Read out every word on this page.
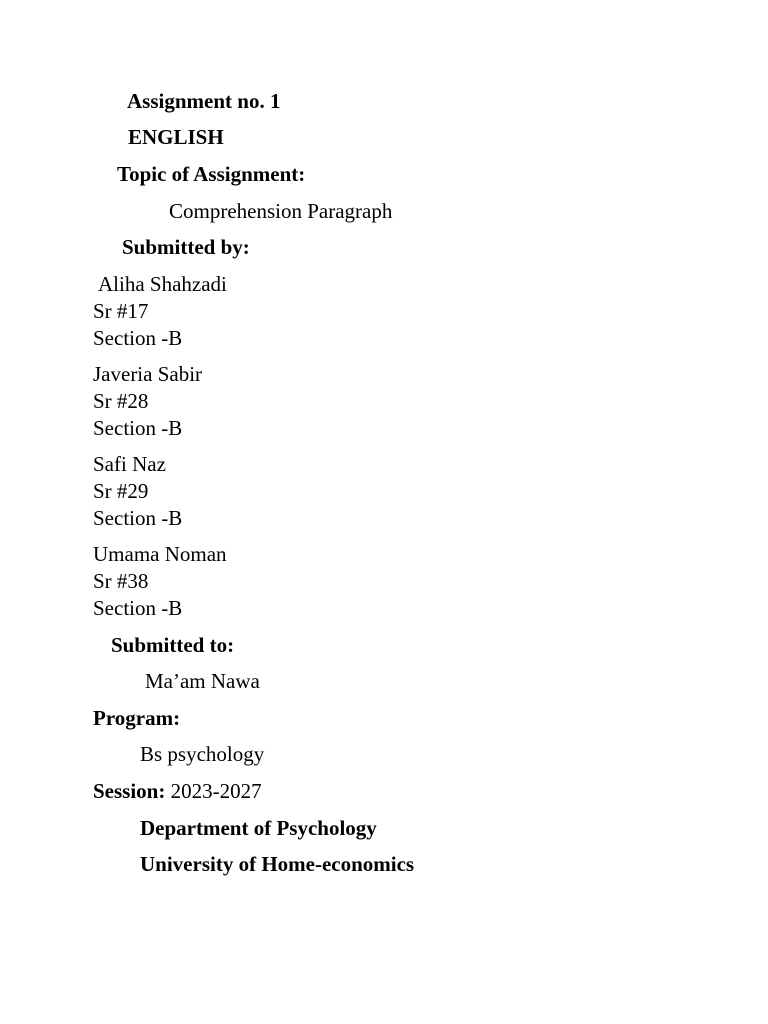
Assignment no. 1
ENGLISH
Topic of Assignment:
Comprehension Paragraph
Submitted by:
Aliha Shahzadi
Sr #17
Section -B
Javeria Sabir
Sr #28
Section -B
Safi Naz
Sr #29
Section -B
Umama Noman
Sr #38
Section -B
Submitted to:
Ma’am Nawa
Program:
Bs psychology
Session: 2023-2027
Department of Psychology
University of Home-economics
